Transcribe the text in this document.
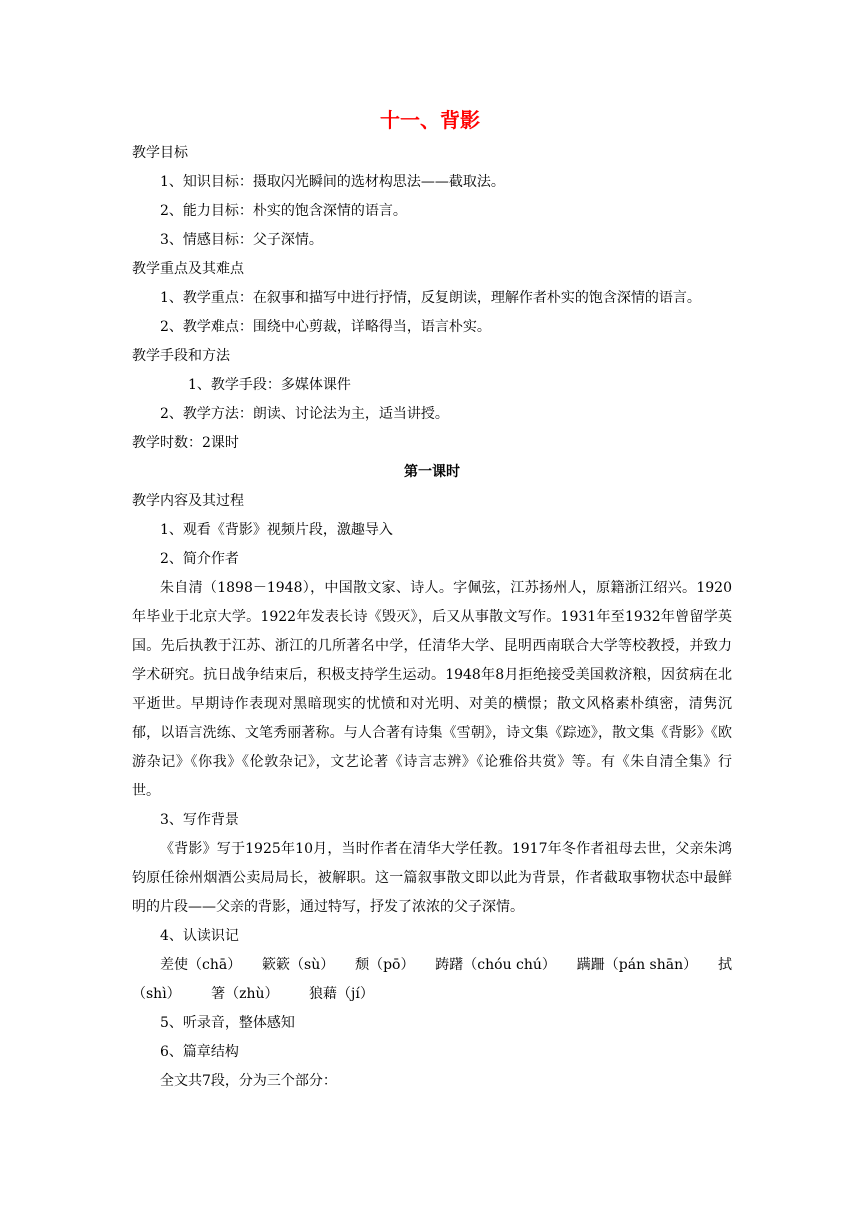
十一、背影

教学目标

1、知识目标：摄取闪光瞬间的选材构思法——截取法。

2、能力目标：朴实的饱含深情的语言。

3、情感目标：父子深情。

教学重点及其难点

1、教学重点：在叙事和描写中进行抒情，反复朗读，理解作者朴实的饱含深情的语言。

2、教学难点：围绕中心剪裁，详略得当，语言朴实。

教学手段和方法

1、教学手段：多媒体课件

2、教学方法：朗读、讨论法为主，适当讲授。

教学时数：2课时

第一课时

教学内容及其过程

1、观看《背影》视频片段，激趣导入

2、简介作者

朱自清（1898－1948），中国散文家、诗人。字佩弦，江苏扬州人，原籍浙江绍兴。1920年毕业于北京大学。1922年发表长诗《毁灭》，后又从事散文写作。1931年至1932年曾留学英国。先后执教于江苏、浙江的几所著名中学，任清华大学、昆明西南联合大学等校教授，并致力学术研究。抗日战争结束后，积极支持学生运动。1948年8月拒绝接受美国救济粮，因贫病在北平逝世。早期诗作表现对黑暗现实的忧愤和对光明、对美的横憬；散文风格素朴缜密，清隽沉郁，以语言洗练、文笔秀丽著称。与人合著有诗集《雪朝》，诗文集《踪迹》，散文集《背影》《欧游杂记》《你我》《伦敦杂记》，文艺论著《诗言志辨》《论雅俗共赏》等。有《朱自清全集》行世。

3、写作背景

《背影》写于1925年10月，当时作者在清华大学任教。1917年冬作者祖母去世，父亲朱鸿钧原任徐州烟酒公卖局局长，被解职。这一篇叙事散文即以此为背景，作者截取事物状态中最鲜明的片段——父亲的背影，通过特写，抒发了浓浓的父子深情。

4、认读识记

差使（chā） 簌簌（sù） 颓（pō） 踌躇（chóu chú） 蹒跚（pán shān） 拭
（shì） 箸（zhù） 狼藉（jí）

5、听录音，整体感知

6、篇章结构

全文共7段，分为三个部分：
